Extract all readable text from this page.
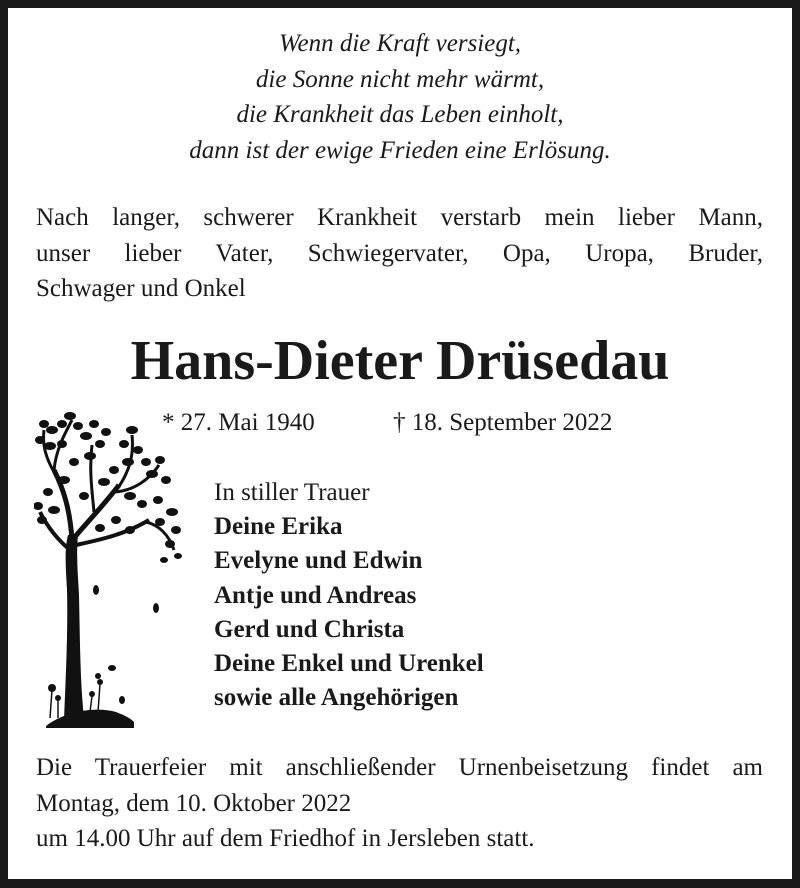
Wenn die Kraft versiegt,
die Sonne nicht mehr wärmt,
die Krankheit das Leben einholt,
dann ist der ewige Frieden eine Erlösung.
Nach langer, schwerer Krankheit verstarb mein lieber Mann,
unser lieber Vater, Schwiegervater, Opa, Uropa, Bruder,
Schwager und Onkel
Hans-Dieter Drüsedau
* 27. Mai 1940	† 18. September 2022
In stiller Trauer
Deine Erika
Evelyne und Edwin
Antje und Andreas
Gerd und Christa
Deine Enkel und Urenkel
sowie alle Angehörigen
Die Trauerfeier mit anschließender Urnenbeisetzung findet am
Montag, dem 10. Oktober 2022
um 14.00 Uhr auf dem Friedhof in Jersleben statt.
